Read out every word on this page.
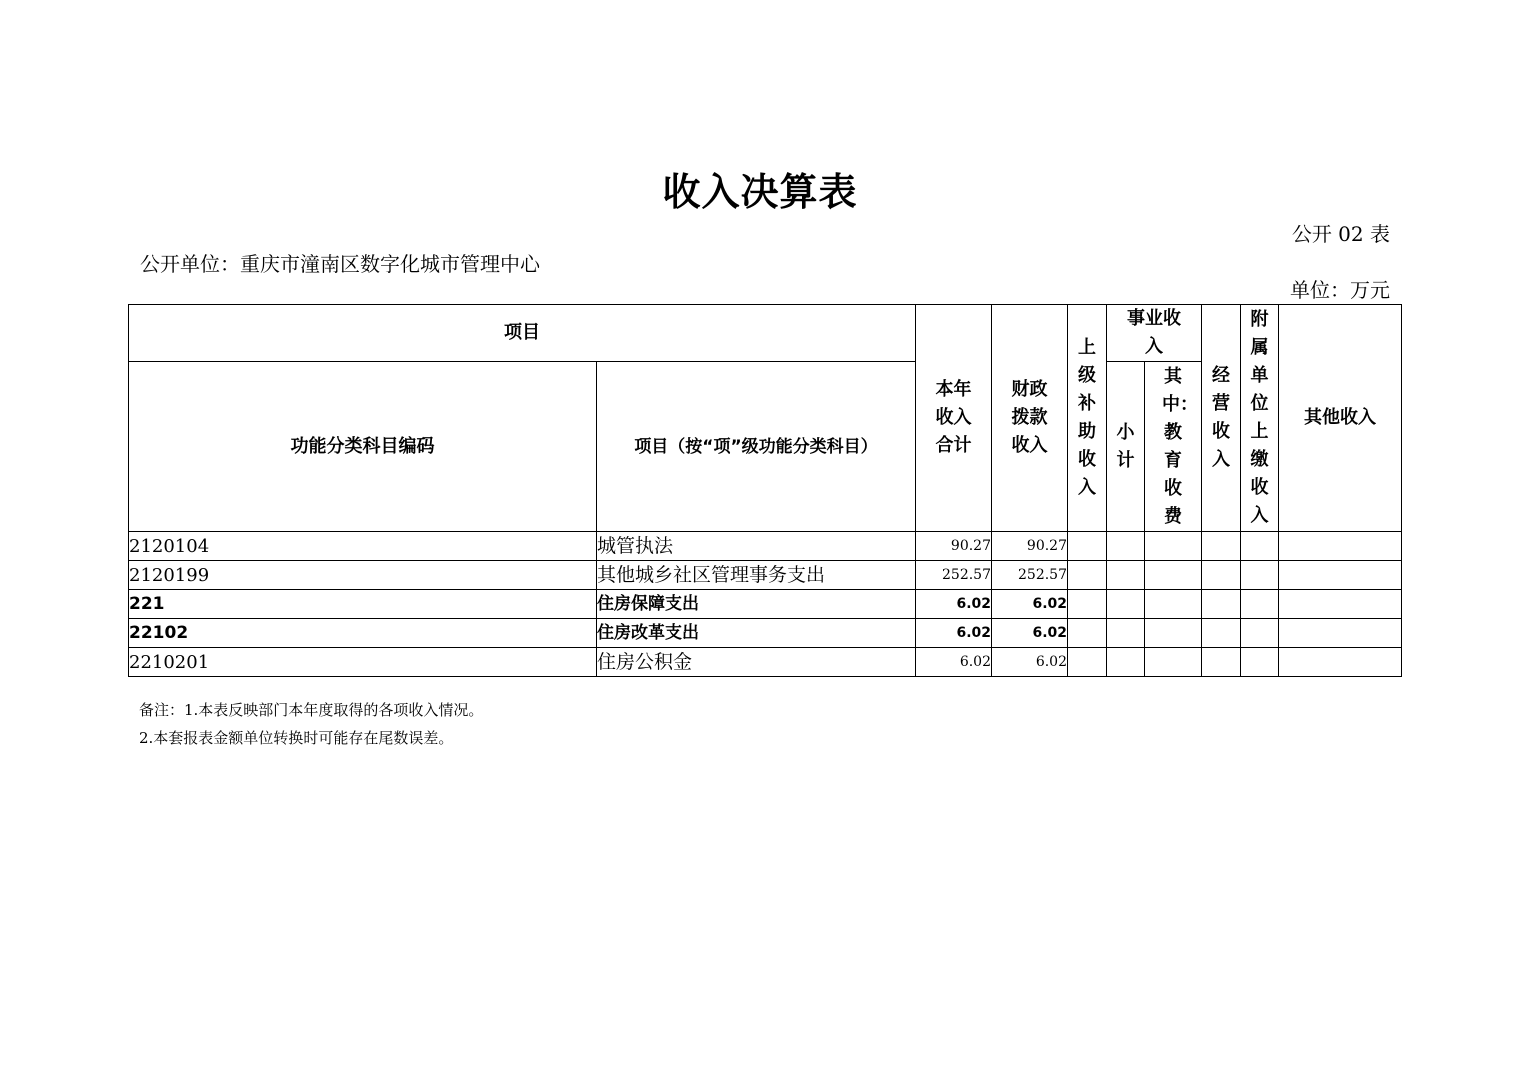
收入决算表
公开 02 表
公开单位：重庆市潼南区数字化城市管理中心
单位：万元
项目		本年收入合计	财政拨款收入	上级补助收入	事业收入		经营收入	附属单位上缴收入	其他收入
功能分类科目编码	项目（按“项”级功能分类科目）				小计	其中：教育收费			

2120104	城管执法	90.27	90.27						
2120199	其他城乡社区管理事务支出	252.57	252.57						
221	住房保障支出	6.02	6.02						
22102	住房改革支出	6.02	6.02						
2210201	住房公积金	6.02	6.02						
备注：1.本表反映部门本年度取得的各项收入情况。
2.本套报表金额单位转换时可能存在尾数误差。
